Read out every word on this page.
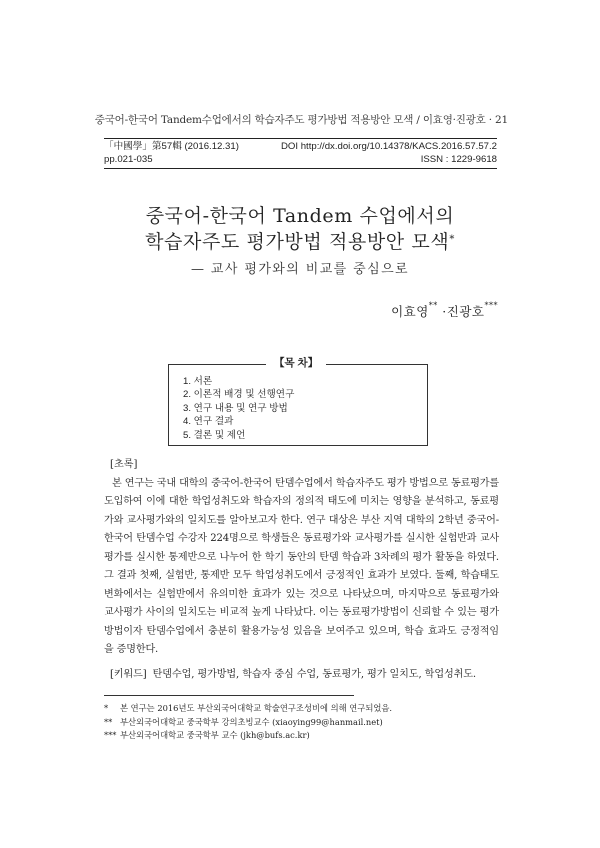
중국어-한국어 Tandem수업에서의 학습자주도 평가방법 적용방안 모색 / 이효영·진광호 · 21
「中國學」第57輯 (2016.12.31)	DOI http://dx.doi.org/10.14378/KACS.2016.57.57.2
pp.021-035	ISSN : 1229-9618
중국어-한국어 Tandem 수업에서의
학습자주도 평가방법 적용방안 모색*
— 교사 평가와의 비교를 중심으로
이효영** ·진광호***
1. 서론
2. 이론적 배경 및 선행연구
3. 연구 내용 및 연구 방법
4. 연구 결과
5. 결론 및 제언
【목 차】
[초록]

본 연구는 국내 대학의 중국어-한국어 탄뎀수업에서 학습자주도 평가 방법으로 동료평가를 도입하여 이에 대한 학업성취도와 학습자의 정의적 태도에 미치는 영향을 분석하고, 동료평가와 교사평가와의 일치도를 알아보고자 한다. 연구 대상은 부산 지역 대학의 2학년 중국어-한국어 탄뎀수업 수강자 224명으로 학생들은 동료평가와 교사평가를 실시한 실험반과 교사평가를 실시한 통제반으로 나누어 한 학기 동안의 탄뎀 학습과 3차례의 평가 활동을 하였다. 그 결과 첫째, 실험반, 통제반 모두 학업성취도에서 긍정적인 효과가 보였다. 둘째, 학습태도 변화에서는 실험반에서 유의미한 효과가 있는 것으로 나타났으며, 마지막으로 동료평가와 교사평가 사이의 일치도는 비교적 높게 나타났다. 이는 동료평가방법이 신뢰할 수 있는 평가방법이자 탄뎀수업에서 충분히 활용가능성 있음을 보여주고 있으며, 학습 효과도 긍정적임을 증명한다.

[키워드] 탄뎀수업, 평가방법, 학습자 중심 수업, 동료평가, 평가 일치도, 학업성취도.
* 본 연구는 2016년도 부산외국어대학교 학술연구조성비에 의해 연구되었음.
** 부산외국어대학교 중국학부 강의초빙교수 (xiaoying99@hanmail.net)
*** 부산외국어대학교 중국학부 교수 (jkh@bufs.ac.kr)
